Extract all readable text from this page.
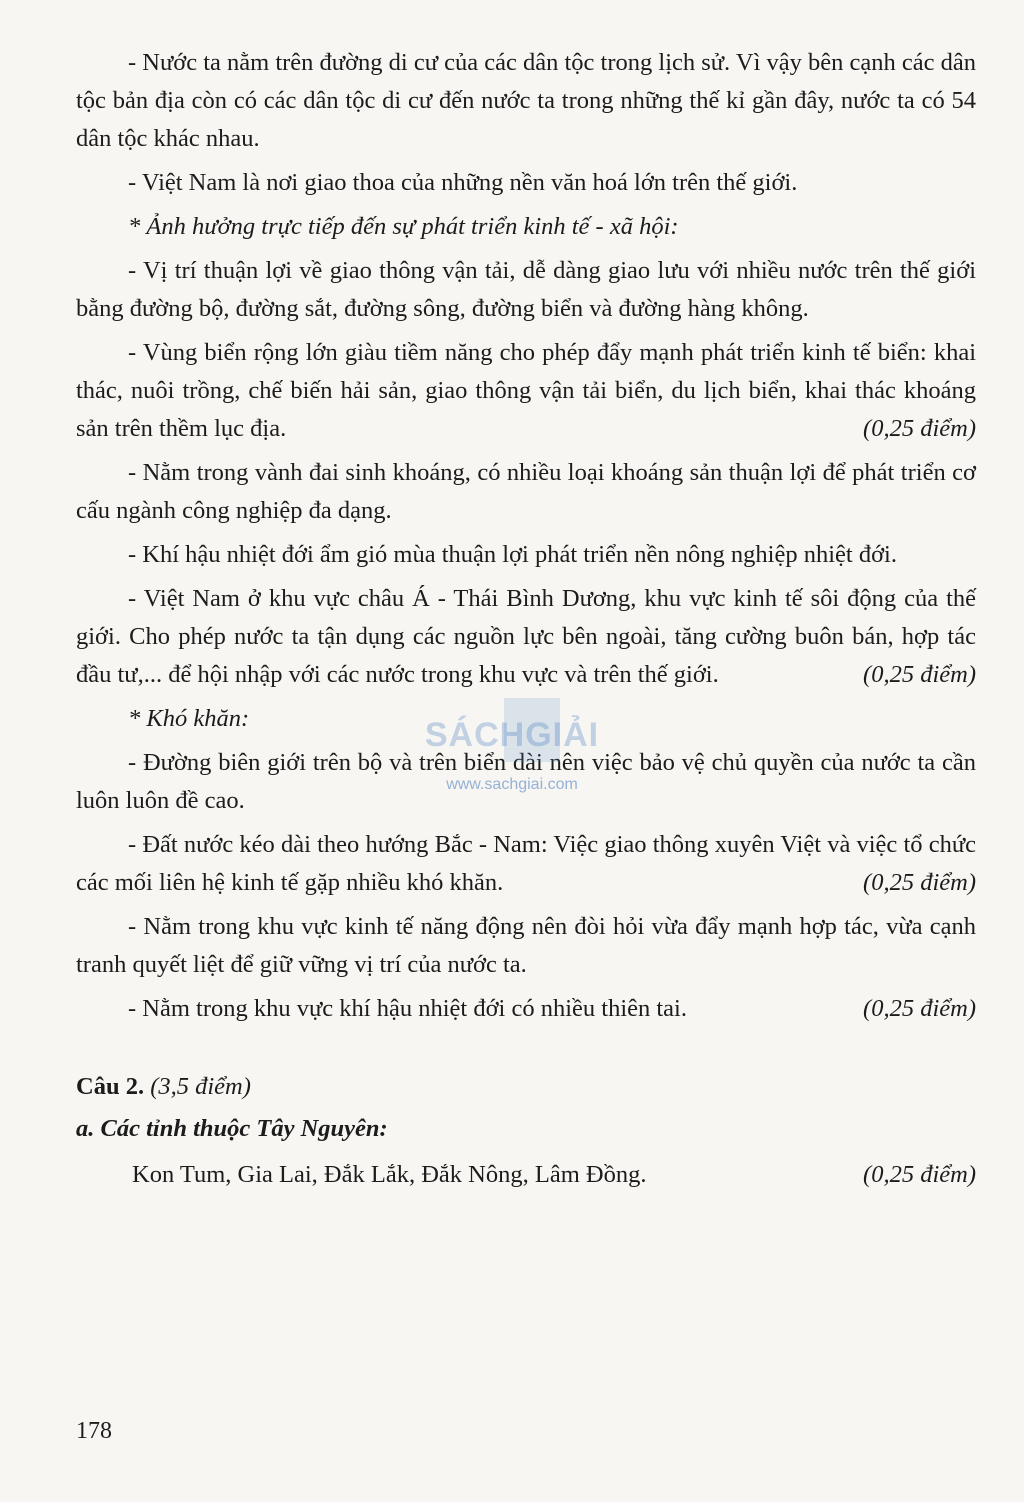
- Nước ta nằm trên đường di cư của các dân tộc trong lịch sử. Vì vậy bên cạnh các dân tộc bản địa còn có các dân tộc di cư đến nước ta trong những thế kỉ gần đây, nước ta có 54 dân tộc khác nhau.

- Việt Nam là nơi giao thoa của những nền văn hoá lớn trên thế giới.

* Ảnh hưởng trực tiếp đến sự phát triển kinh tế - xã hội:

- Vị trí thuận lợi về giao thông vận tải, dễ dàng giao lưu với nhiều nước trên thế giới bằng đường bộ, đường sắt, đường sông, đường biển và đường hàng không.

- Vùng biển rộng lớn giàu tiềm năng cho phép đẩy mạnh phát triển kinh tế biển: khai thác, nuôi trồng, chế biến hải sản, giao thông vận tải biển, du lịch biển, khai thác khoáng sản trên thềm lục địa.	(0,25 điểm)

- Nằm trong vành đai sinh khoáng, có nhiều loại khoáng sản thuận lợi để phát triển cơ cấu ngành công nghiệp đa dạng.

- Khí hậu nhiệt đới ẩm gió mùa thuận lợi phát triển nền nông nghiệp nhiệt đới.

- Việt Nam ở khu vực châu Á - Thái Bình Dương, khu vực kinh tế sôi động của thế giới. Cho phép nước ta tận dụng các nguồn lực bên ngoài, tăng cường buôn bán, hợp tác đầu tư,... để hội nhập với các nước trong khu vực và trên thế giới.	(0,25 điểm)

* Khó khăn:

- Đường biên giới trên bộ và trên biển dài nên việc bảo vệ chủ quyền của nước ta cần luôn luôn đề cao.

- Đất nước kéo dài theo hướng Bắc - Nam: Việc giao thông xuyên Việt và việc tổ chức các mối liên hệ kinh tế gặp nhiều khó khăn.	(0,25 điểm)

- Nằm trong khu vực kinh tế năng động nên đòi hỏi vừa đẩy mạnh hợp tác, vừa cạnh tranh quyết liệt để giữ vững vị trí của nước ta.

- Nằm trong khu vực khí hậu nhiệt đới có nhiều thiên tai.	(0,25 điểm)

Câu 2. (3,5 điểm)

a. Các tỉnh thuộc Tây Nguyên:

Kon Tum, Gia Lai, Đắk Lắk, Đắk Nông, Lâm Đồng.	(0,25 điểm)

SÁCHGIẢI
www.sachgiai.com
178
